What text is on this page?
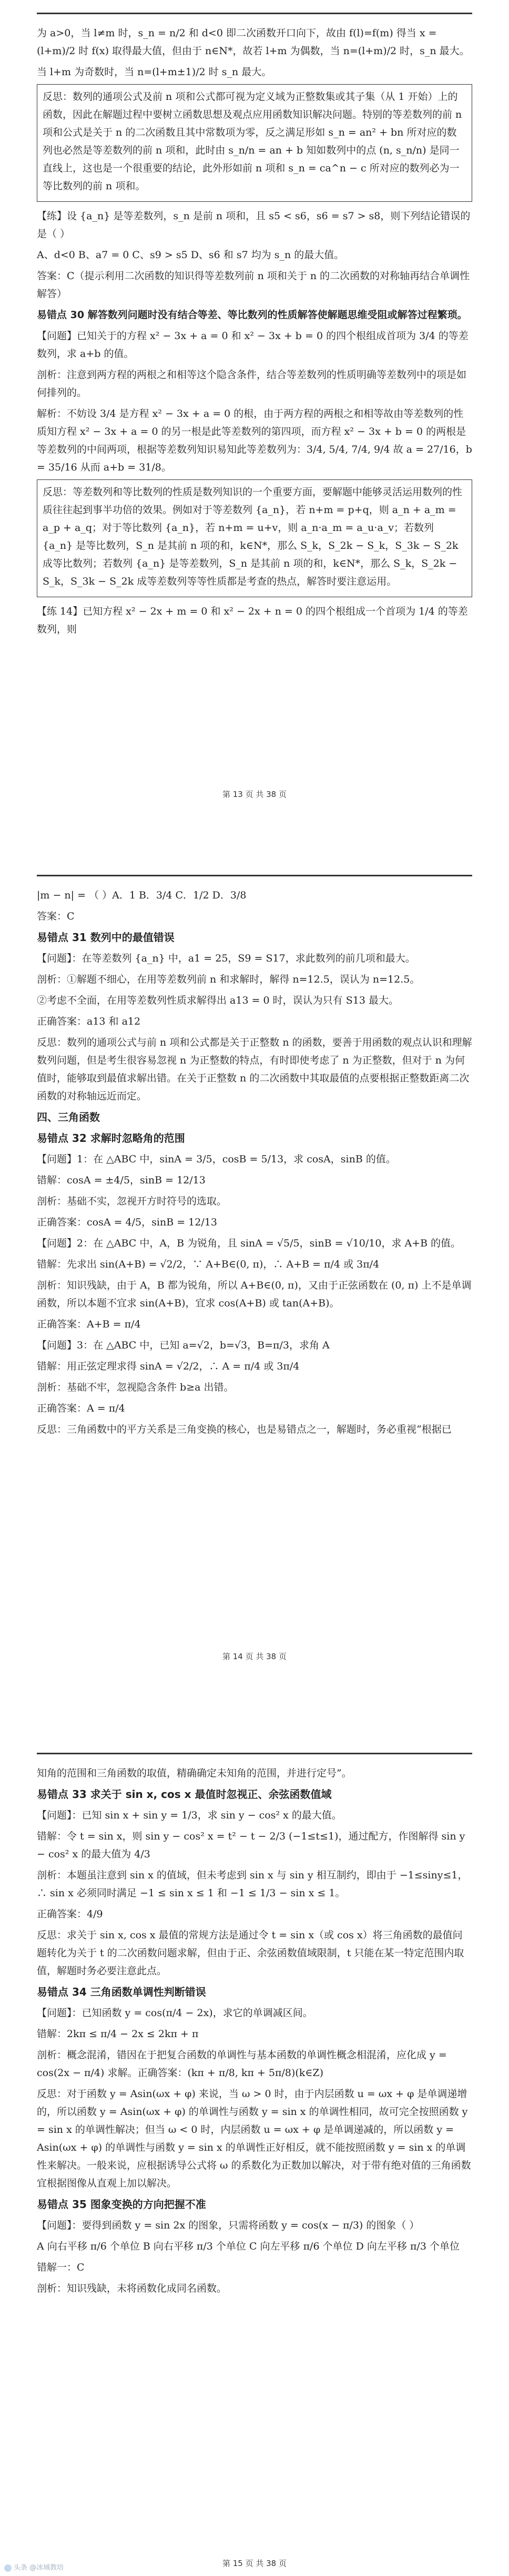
为 a>0，当 l≠m 时，s_n = n/2 和 d<0 即二次函数开口向下，故由 f(l)=f(m) 得当 x = (l+m)/2 时 f(x) 取得最大值，但由于 n∈N*，故若 l+m 为偶数，当 n=(l+m)/2 时，s_n 最大。

当 l+m 为奇数时，当 n=(l+m±1)/2 时 s_n 最大。

反思：数列的通项公式及前 n 项和公式都可视为定义域为正整数集或其子集（从 1 开始）上的函数，因此在解题过程中要树立函数思想及观点应用函数知识解决问题。特别的等差数列的前 n 项和公式是关于 n 的二次函数且其中常数项为零，反之满足形如 s_n = an² + bn 所对应的数列也必然是等差数列的前 n 项和，此时由 s_n/n = an + b 知如数列中的点 (n, s_n/n) 是同一直线上，这也是一个很重要的结论，此外形如前 n 项和 s_n = ca^n − c 所对应的数列必为一等比数列的前 n 项和。

【练】设 {a_n} 是等差数列，s_n 是前 n 项和，且 s5 < s6，s6 = s7 > s8，则下列结论错误的是（ ）

A、d<0 B、a7 = 0 C、s9 > s5 D、s6 和 s7 均为 s_n 的最大值。

答案：C（提示利用二次函数的知识得等差数列前 n 项和关于 n 的二次函数的对称轴再结合单调性解答）

易错点 30 解答数列问题时没有结合等差、等比数列的性质解答使解题思维受阻或解答过程繁琐。

【问题】已知关于的方程 x² − 3x + a = 0 和 x² − 3x + b = 0 的四个根组成首项为 3/4 的等差数列，求 a+b 的值。

剖析：注意到两方程的两根之和相等这个隐含条件，结合等差数列的性质明确等差数列中的项是如何排列的。

解析：不妨设 3/4 是方程 x² − 3x + a = 0 的根，由于两方程的两根之和相等故由等差数列的性质知方程 x² − 3x + a = 0 的另一根是此等差数列的第四项，而方程 x² − 3x + b = 0 的两根是等差数列的中间两项，根据等差数列知识易知此等差数列为：3/4, 5/4, 7/4, 9/4 故 a = 27/16，b = 35/16 从而 a+b = 31/8。

反思：等差数列和等比数列的性质是数列知识的一个重要方面，要解题中能够灵活运用数列的性质往往起到事半功倍的效果。例如对于等差数列 {a_n}，若 n+m = p+q，则 a_n + a_m = a_p + a_q；对于等比数列 {a_n}，若 n+m = u+v，则 a_n·a_m = a_u·a_v；若数列 {a_n} 是等比数列，S_n 是其前 n 项的和，k∈N*，那么 S_k，S_2k − S_k，S_3k − S_2k 成等比数列；若数列 {a_n} 是等差数列，S_n 是其前 n 项的和，k∈N*，那么 S_k，S_2k − S_k，S_3k − S_2k 成等差数列等等性质都是考查的热点，解答时要注意运用。

【练 14】已知方程 x² − 2x + m = 0 和 x² − 2x + n = 0 的四个根组成一个首项为 1/4 的等差数列，则

第 13 页 共 38 页

|m − n| = （ ）A．1 B．3/4 C．1/2 D．3/8

答案：C

易错点 31 数列中的最值错误

【问题】：在等差数列 {a_n} 中，a1 = 25，S9 = S17，求此数列的前几项和最大。

剖析：①解题不细心，在用等差数列前 n 和求解时，解得 n=12.5，误认为 n=12.5。

②考虑不全面，在用等差数列性质求解得出 a13 = 0 时，误认为只有 S13 最大。

正确答案：a13 和 a12

反思：数列的通项公式与前 n 项和公式都是关于正整数 n 的函数，要善于用函数的观点认识和理解数列问题，但是考生很容易忽视 n 为正整数的特点，有时即使考虑了 n 为正整数，但对于 n 为何值时，能够取到最值求解出错。在关于正整数 n 的二次函数中其取最值的点要根据正整数距离二次函数的对称轴远近而定。

四、三角函数

易错点 32 求解时忽略角的范围

【问题】1：在 △ABC 中，sinA = 3/5，cosB = 5/13，求 cosA，sinB 的值。

错解：cosA = ±4/5，sinB = 12/13

剖析：基础不实，忽视开方时符号的选取。

正确答案：cosA = 4/5，sinB = 12/13

【问题】2：在 △ABC 中，A，B 为锐角，且 sinA = √5/5，sinB = √10/10，求 A+B 的值。

错解：先求出 sin(A+B) = √2/2，∵ A+B∈(0, π)，∴ A+B = π/4 或 3π/4

剖析：知识残缺，由于 A，B 都为锐角，所以 A+B∈(0, π)，又由于正弦函数在 (0, π) 上不是单调函数，所以本题不宜求 sin(A+B)，宜求 cos(A+B) 或 tan(A+B)。

正确答案：A+B = π/4

【问题】3：在 △ABC 中，已知 a=√2，b=√3，B=π/3，求角 A

错解：用正弦定理求得 sinA = √2/2，∴ A = π/4 或 3π/4

剖析：基础不牢，忽视隐含条件 b≥a 出错。

正确答案：A = π/4

反思：三角函数中的平方关系是三角变换的核心，也是易错点之一，解题时，务必重视“根据已

第 14 页 共 38 页

知角的范围和三角函数的取值，精确确定未知角的范围，并进行定号”。

易错点 33 求关于 sin x, cos x 最值时忽视正、余弦函数值域

【问题】：已知 sin x + sin y = 1/3，求 sin y − cos² x 的最大值。

错解：令 t = sin x，则 sin y − cos² x = t² − t − 2/3 (−1≤t≤1)，通过配方，作图解得 sin y − cos² x 的最大值为 4/3

剖析：本题虽注意到 sin x 的值域，但未考虑到 sin x 与 sin y 相互制约，即由于 −1≤siny≤1，∴ sin x 必须同时满足 −1 ≤ sin x ≤ 1 和 −1 ≤ 1/3 − sin x ≤ 1。

正确答案：4/9

反思：求关于 sin x, cos x 最值的常规方法是通过令 t = sin x（或 cos x）将三角函数的最值问题转化为关于 t 的二次函数问题求解，但由于正、余弦函数值域限制，t 只能在某一特定范围内取值，解题时务必要注意此点。

易错点 34 三角函数单调性判断错误

【问题】：已知函数 y = cos(π/4 − 2x)，求它的单调减区间。

错解：2kπ ≤ π/4 − 2x ≤ 2kπ + π

剖析：概念混淆，错因在于把复合函数的单调性与基本函数的单调性概念相混淆，应化成 y = cos(2x − π/4) 求解。正确答案：(kπ + π/8, kπ + 5π/8)(k∈Z)

反思：对于函数 y = Asin(ωx + φ) 来说，当 ω > 0 时，由于内层函数 u = ωx + φ 是单调递增的，所以函数 y = Asin(ωx + φ) 的单调性与函数 y = sin x 的单调性相同，故可完全按照函数 y = sin x 的单调性解决；但当 ω < 0 时，内层函数 u = ωx + φ 是单调递减的，所以函数 y = Asin(ωx + φ) 的单调性与函数 y = sin x 的单调性正好相反，就不能按照函数 y = sin x 的单调性来解决。一般来说，应根据诱导公式将 ω 的系数化为正数加以解决，对于带有绝对值的三角函数宜根据图像从直观上加以解决。

易错点 35 图象变换的方向把握不准

【问题】：要得到函数 y = sin 2x 的图象，只需将函数 y = cos(x − π/3) 的图象（ ）

A 向右平移 π/6 个单位 B 向右平移 π/3 个单位 C 向左平移 π/6 个单位 D 向左平移 π/3 个单位

错解一：C

剖析：知识残缺，未将函数化成同名函数。

第 15 页 共 38 页
头条 @冰城教培
